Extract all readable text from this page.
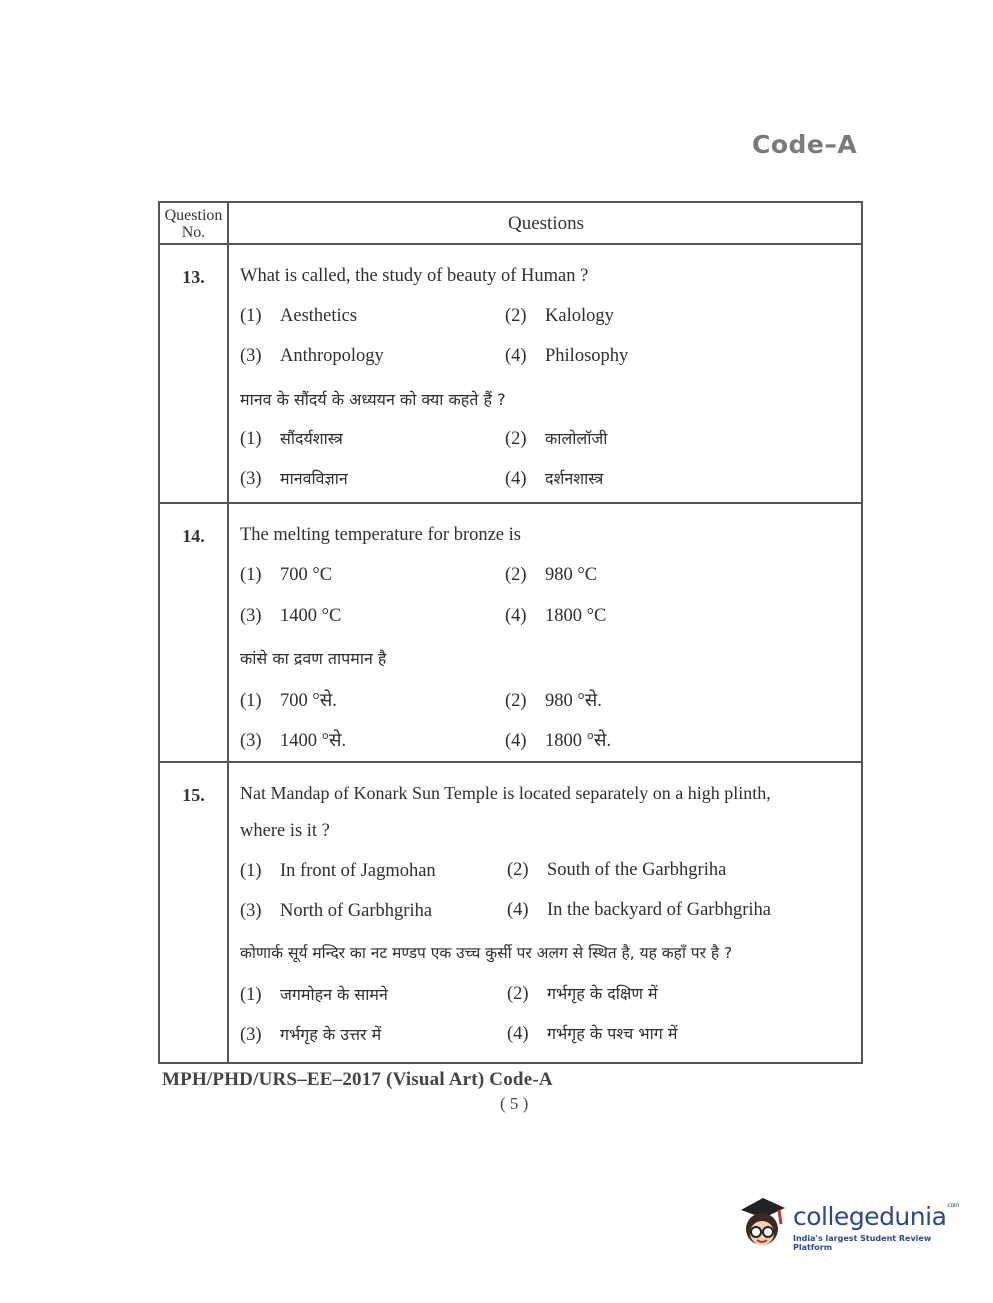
Code–A
Question No.	Questions
13.	What is called, the study of beauty of Human ?
(1) Aesthetics	(2) Kalology
(3) Anthropology	(4) Philosophy
मानव के सौंदर्य के अध्ययन को क्या कहते हैं ?
(1) सौंदर्यशास्त्र	(2) कालोलॉजी
(3) मानवविज्ञान	(4) दर्शनशास्त्र
14.	The melting temperature for bronze is
(1) 700 °C	(2) 980 °C
(3) 1400 °C	(4) 1800 °C
कांसे का द्रवण तापमान है
(1) 700 °से.	(2) 980 °से.
(3) 1400 °से.	(4) 1800 °से.
15.	Nat Mandap of Konark Sun Temple is located separately on a high plinth,
where is it ?
(1) In front of Jagmohan	(2) South of the Garbhgriha
(3) North of Garbhgriha	(4) In the backyard of Garbhgriha
कोणार्क सूर्य मन्दिर का नट मण्डप एक उच्च कुर्सी पर अलग से स्थित है, यह कहाँ पर है ?
(1) जगमोहन के सामने	(2) गर्भगृह के दक्षिण में
(3) गर्भगृह के उत्तर में	(4) गर्भगृह के पश्च भाग में
MPH/PHD/URS–EE–2017 (Visual Art) Code-A
( 5 )
collegedunia$^{.com}$
India's largest Student Review Platform
